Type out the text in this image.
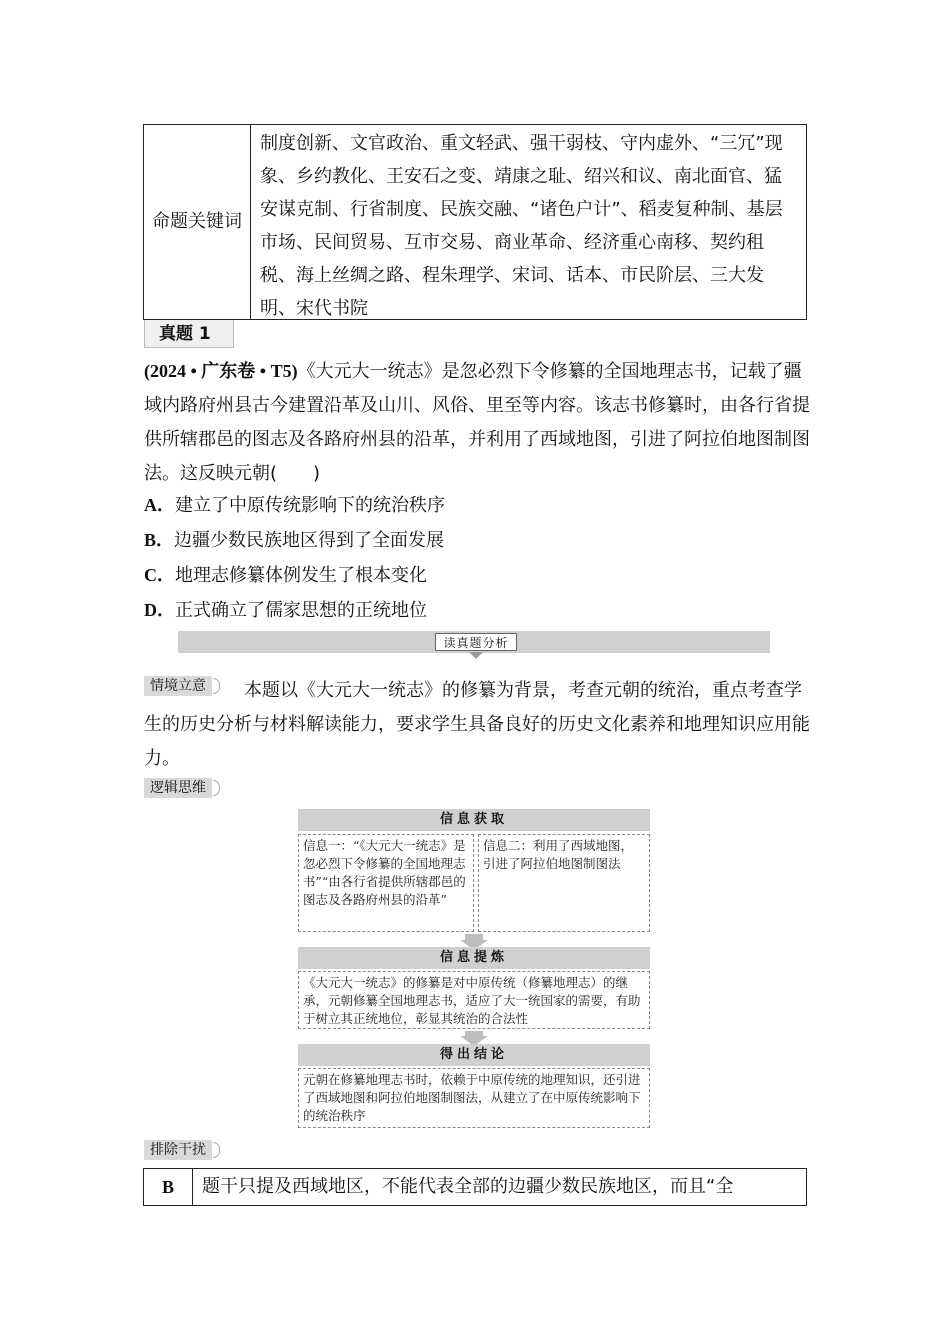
命题关键词
制度创新、文官政治、重文轻武、强干弱枝、守内虚外、“三冗”现象、乡约教化、王安石之变、靖康之耻、绍兴和议、南北面官、猛安谋克制、行省制度、民族交融、“诸色户计”、稻麦复种制、基层市场、民间贸易、互市交易、商业革命、经济重心南移、契约租税、海上丝绸之路、程朱理学、宋词、话本、市民阶层、三大发明、宋代书院
真题 1
(2024 • 广东卷 • T5)《大元大一统志》是忽必烈下令修纂的全国地理志书，记载了疆域内路府州县古今建置沿革及山川、风俗、里至等内容。该志书修纂时，由各行省提供所辖郡邑的图志及各路府州县的沿革，并利用了西域地图，引进了阿拉伯地图制图法。这反映元朝(　　)
A．建立了中原传统影响下的统治秩序
B．边疆少数民族地区得到了全面发展
C．地理志修纂体例发生了根本变化
D．正式确立了儒家思想的正统地位
读真题分析
情境立意	本题以《大元大一统志》的修纂为背景，考查元朝的统治，重点考查学生的历史分析与材料解读能力，要求学生具备良好的历史文化素养和地理知识应用能力。
逻辑思维
信息获取
信息一：“《大元大一统志》是忽必烈下令修纂的全国地理志书”“由各行省提供所辖郡邑的图志及各路府州县的沿革”
信息二：利用了西域地图，引进了阿拉伯地图制图法
信息提炼
《大元大一统志》的修纂是对中原传统（修纂地理志）的继承，元朝修纂全国地理志书，适应了大一统国家的需要，有助于树立其正统地位，彰显其统治的合法性
得出结论
元朝在修纂地理志书时，依赖于中原传统的地理知识，还引进了西域地图和阿拉伯地图制图法，从建立了在中原传统影响下的统治秩序
排除干扰
B	题干只提及西域地区，不能代表全部的边疆少数民族地区，而且“全
